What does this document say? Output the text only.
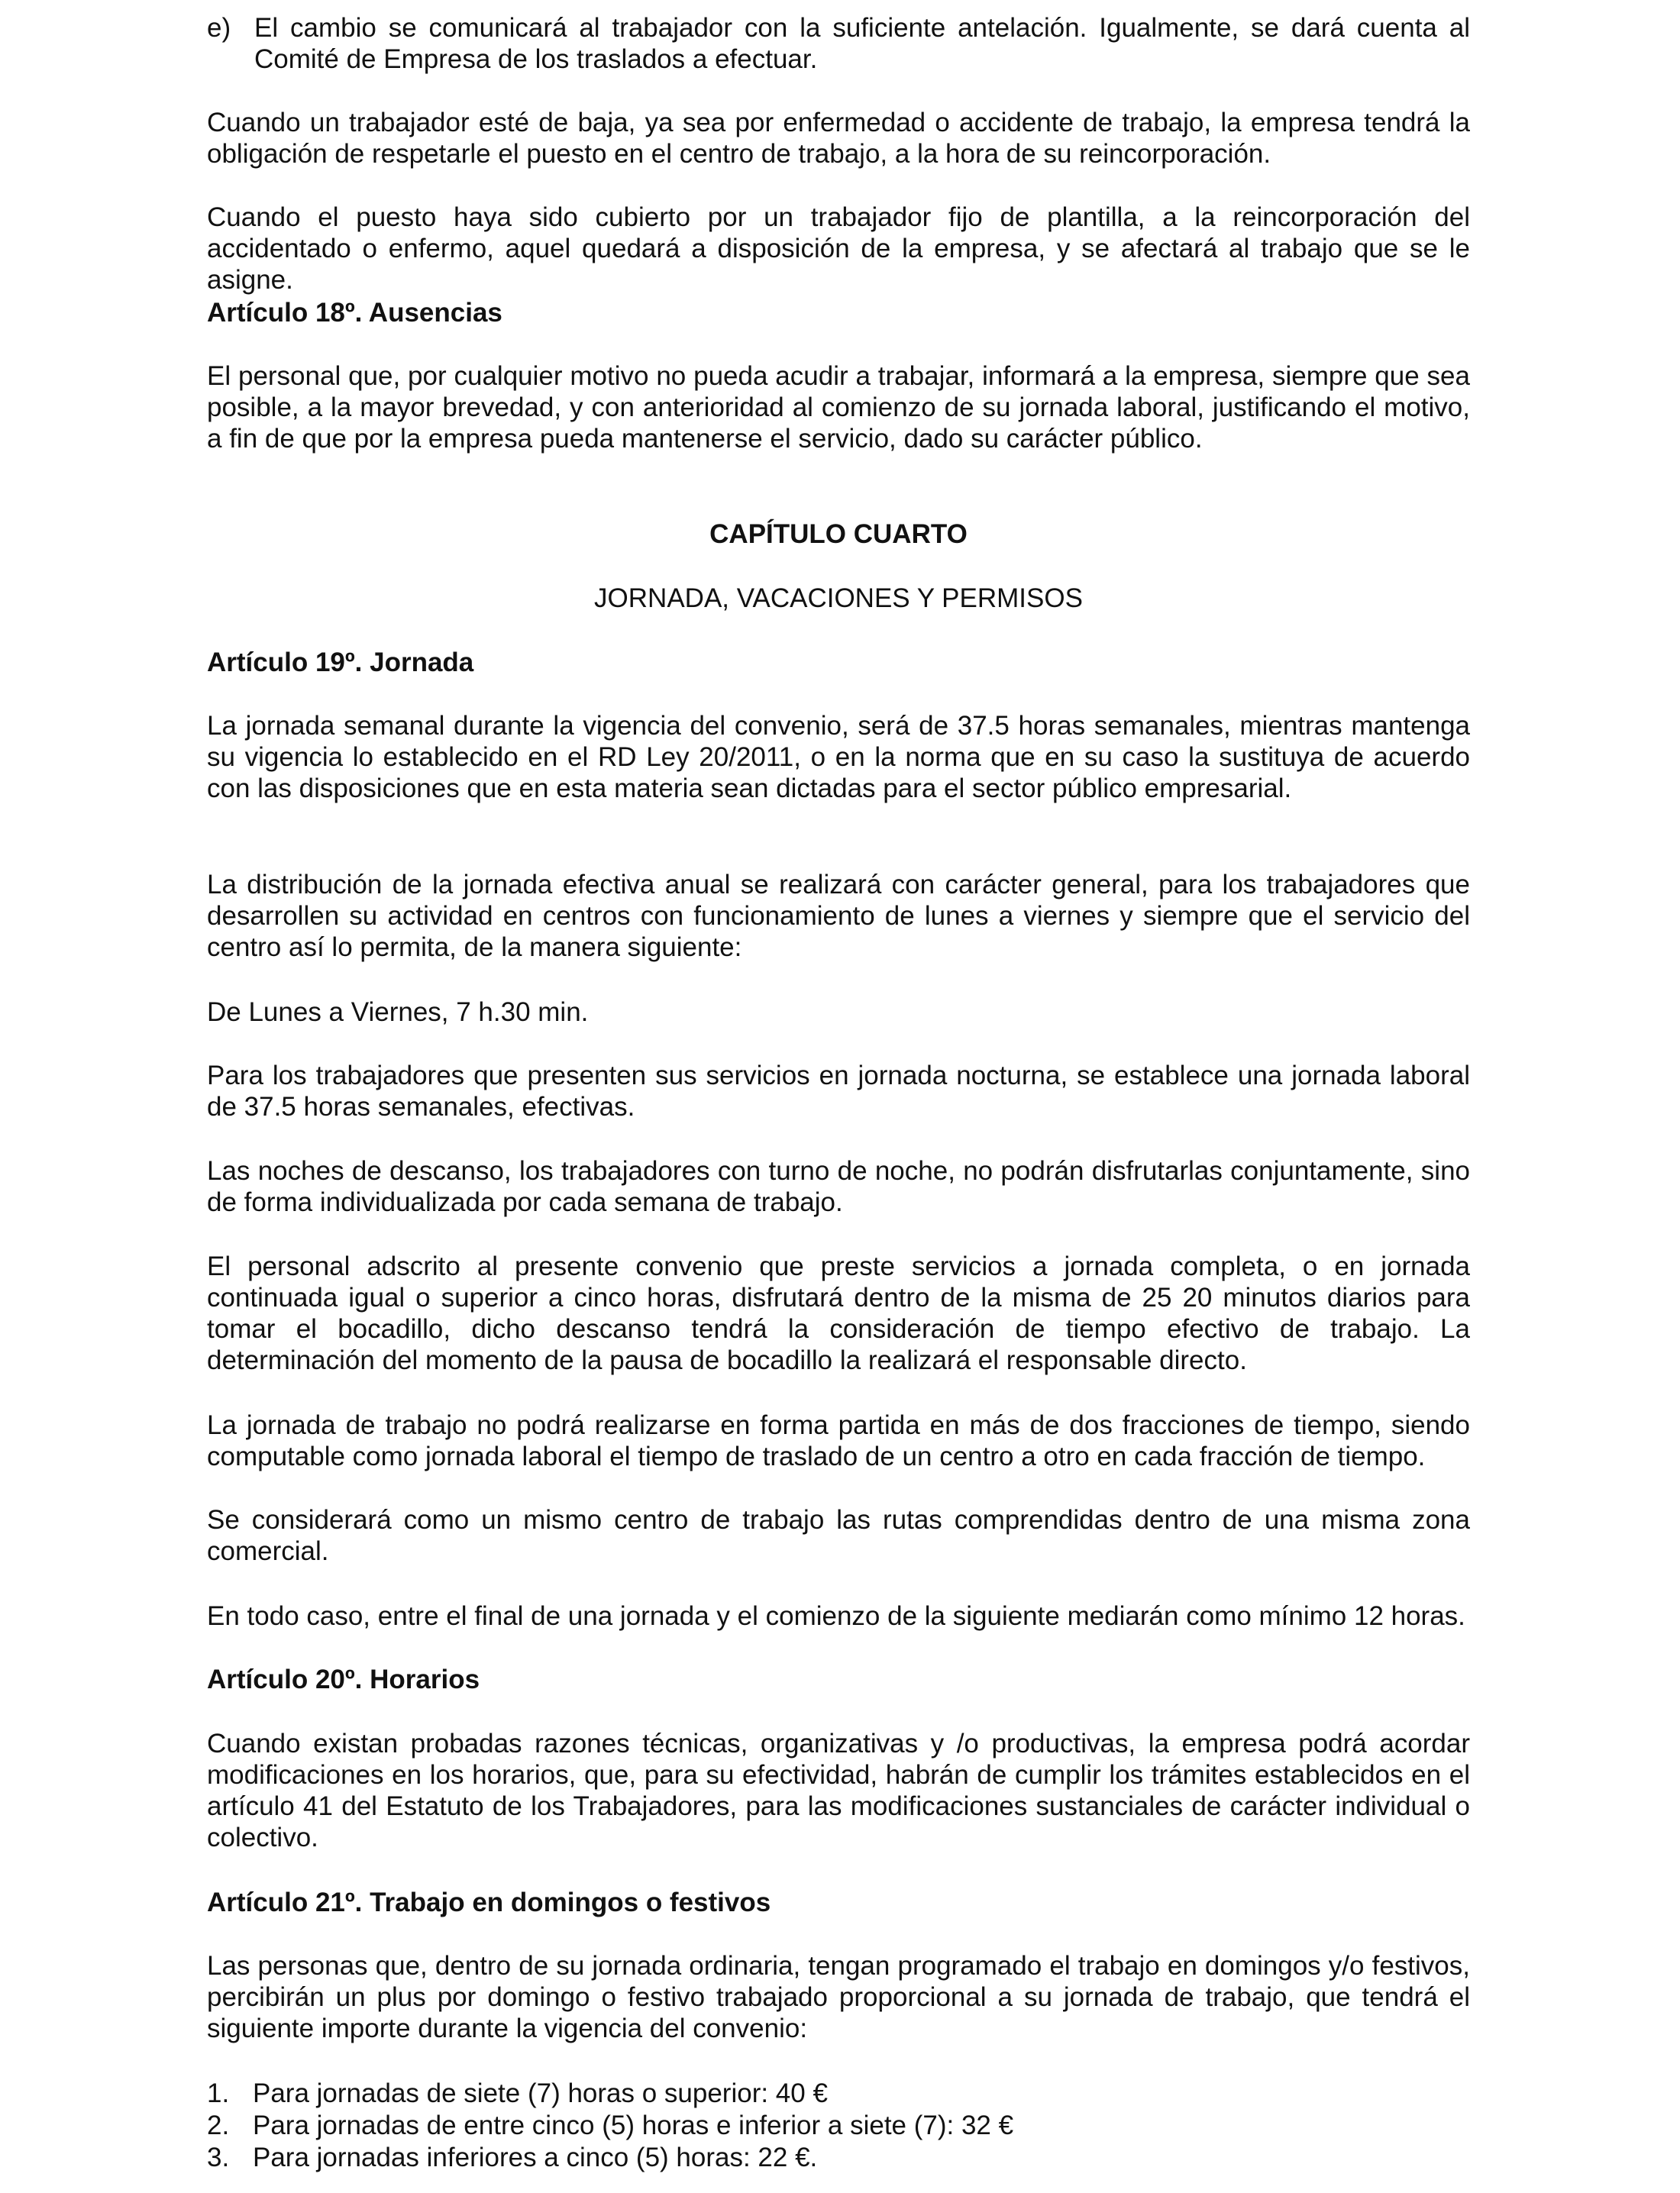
e) El cambio se comunicará al trabajador con la suficiente antelación. Igualmente, se dará cuenta al Comité de Empresa de los traslados a efectuar.

Cuando un trabajador esté de baja, ya sea por enfermedad o accidente de trabajo, la empresa tendrá la obligación de respetarle el puesto en el centro de trabajo, a la hora de su reincorporación.

Cuando el puesto haya sido cubierto por un trabajador fijo de plantilla, a la reincorporación del accidentado o enfermo, aquel quedará a disposición de la empresa, y se afectará al trabajo que se le asigne.

Artículo 18º. Ausencias

El personal que, por cualquier motivo no pueda acudir a trabajar, informará a la empresa, siempre que sea posible, a la mayor brevedad, y con anterioridad al comienzo de su jornada laboral, justificando el motivo, a fin de que por la empresa pueda mantenerse el servicio, dado su carácter público.

CAPÍTULO CUARTO

JORNADA, VACACIONES Y PERMISOS

Artículo 19º. Jornada

La jornada semanal durante la vigencia del convenio, será de 37.5 horas semanales, mientras mantenga su vigencia lo establecido en el RD Ley 20/2011, o en la norma que en su caso la sustituya de acuerdo con las disposiciones que en esta materia sean dictadas para el sector público empresarial.

La distribución de la jornada efectiva anual se realizará con carácter general, para los trabajadores que desarrollen su actividad en centros con funcionamiento de lunes a viernes y siempre que el servicio del centro así lo permita, de la manera siguiente:

De Lunes a Viernes, 7 h.30 min.

Para los trabajadores que presenten sus servicios en jornada nocturna, se establece una jornada laboral de 37.5 horas semanales, efectivas.

Las noches de descanso, los trabajadores con turno de noche, no podrán disfrutarlas conjuntamente, sino de forma individualizada por cada semana de trabajo.

El personal adscrito al presente convenio que preste servicios a jornada completa, o en jornada continuada igual o superior a cinco horas, disfrutará dentro de la misma de 25 20 minutos diarios para tomar el bocadillo, dicho descanso tendrá la consideración de tiempo efectivo de trabajo. La determinación del momento de la pausa de bocadillo la realizará el responsable directo.

La jornada de trabajo no podrá realizarse en forma partida en más de dos fracciones de tiempo, siendo computable como jornada laboral el tiempo de traslado de un centro a otro en cada fracción de tiempo.

Se considerará como un mismo centro de trabajo las rutas comprendidas dentro de una misma zona comercial.

En todo caso, entre el final de una jornada y el comienzo de la siguiente mediarán como mínimo 12 horas.

Artículo 20º. Horarios

Cuando existan probadas razones técnicas, organizativas y /o productivas, la empresa podrá acordar modificaciones en los horarios, que, para su efectividad, habrán de cumplir los trámites establecidos en el artículo 41 del Estatuto de los Trabajadores, para las modificaciones sustanciales de carácter individual o colectivo.

Artículo 21º. Trabajo en domingos o festivos

Las personas que, dentro de su jornada ordinaria, tengan programado el trabajo en domingos y/o festivos, percibirán un plus por domingo o festivo trabajado proporcional a su jornada de trabajo, que tendrá el siguiente importe durante la vigencia del convenio:

1. Para jornadas de siete (7) horas o superior: 40 €

2. Para jornadas de entre cinco (5) horas e inferior a siete (7): 32 €

3. Para jornadas inferiores a cinco (5) horas: 22 €.
